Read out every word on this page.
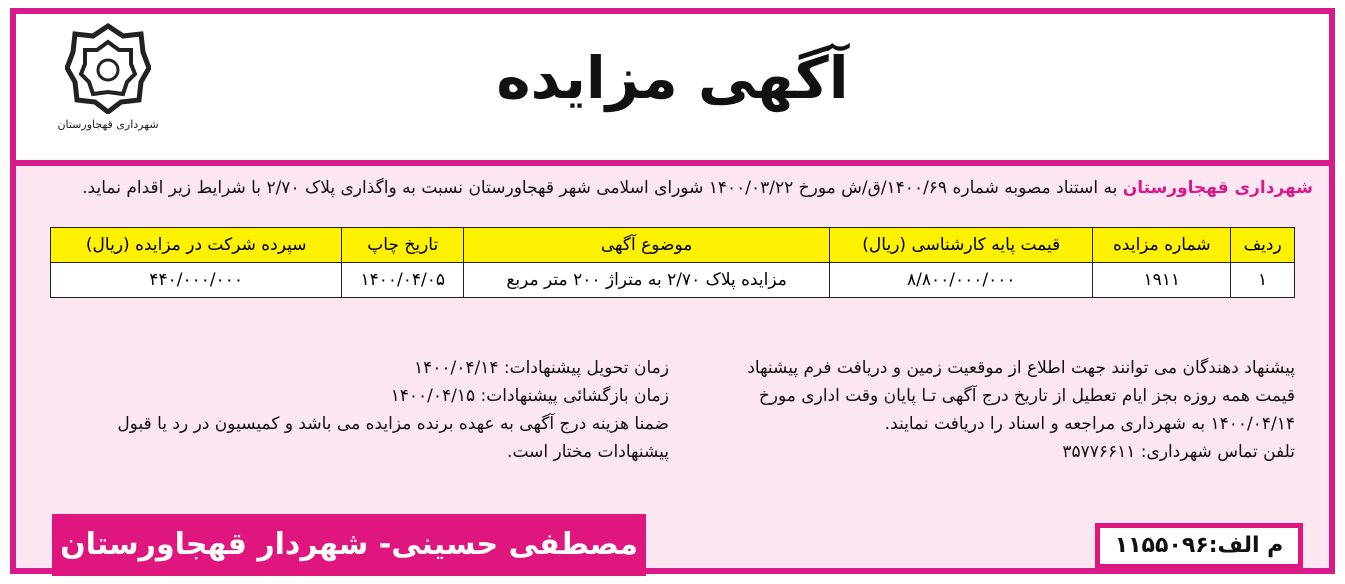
شهرداری قهجاورستان
آگهی مزایده
شهرداری قهجاورستان به استناد مصوبه شماره ۱۴۰۰/۶۹/ق/ش مورخ ۱۴۰۰/۰۳/۲۲ شورای اسلامی شهر قهجاورستان نسبت به واگذاری پلاک ۲/۷۰ با شرایط زیر اقدام نماید.
ردیف	شماره مزایده	قیمت پایه کارشناسی (ریال)	موضوع آگهی	تاریخ چاپ	سپرده شرکت در مزایده (ریال)
۱	۱۹۱۱	۸/۸۰۰/۰۰۰/۰۰۰	مزایده پلاک ۲/۷۰ به متراژ ۲۰۰ متر مربع	۱۴۰۰/۰۴/۰۵	۴۴۰/۰۰۰/۰۰۰
پیشنهاد دهندگان می توانند جهت اطلاع از موقعیت زمین و دریافت فرم پیشنهاد
قیمت همه روزه بجز ایام تعطیل از تاریخ درج آگهی تـا پایان وقت اداری مورخ
۱۴۰۰/۰۴/۱۴ به شهرداری مراجعه و اسناد را دریافت نمایند.
تلفن تماس شهرداری: ۳۵۷۷۶۶۱۱
زمان تحویل پیشنهادات: ۱۴۰۰/۰۴/۱۴
زمان بازگشائی پیشنهادات: ۱۴۰۰/۰۴/۱۵
ضمنا هزینه درج آگهی به عهده برنده مزایده می باشد و کمیسیون در رد یا قبول
پیشنهادات مختار است.
مصطفی حسینی- شهردار قهجاورستان	م الف:۱۱۵۵۰۹۶
